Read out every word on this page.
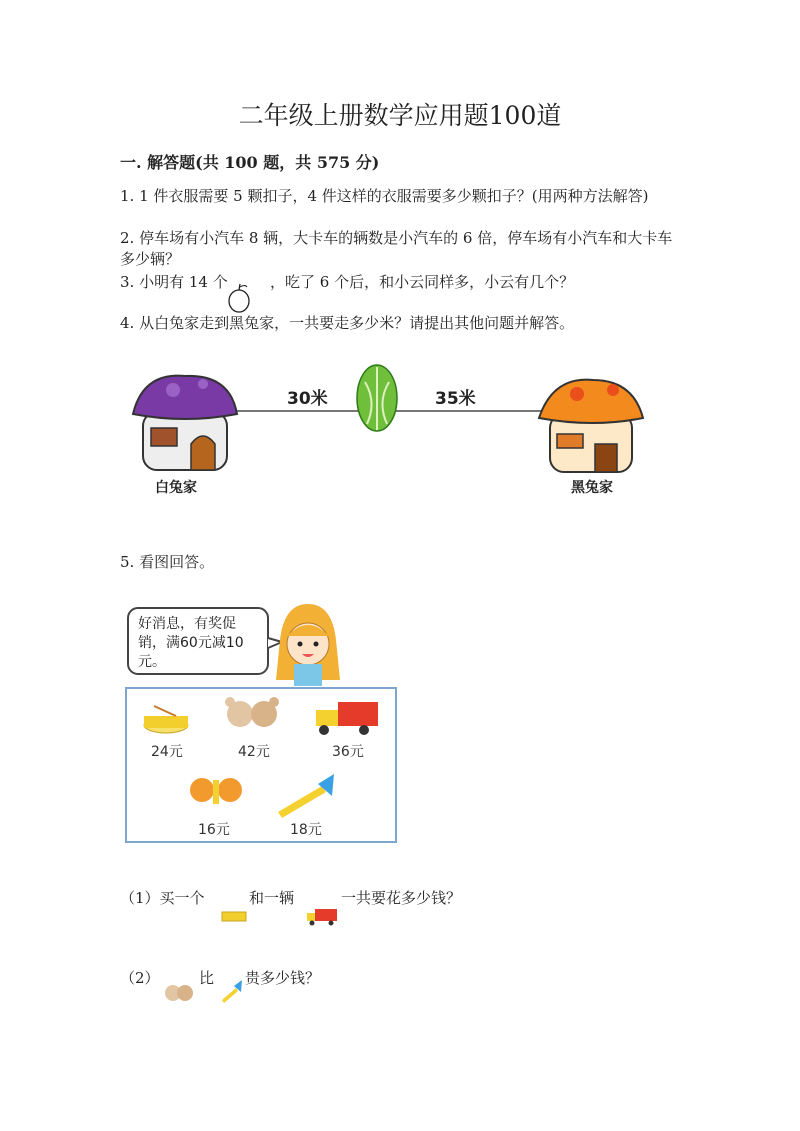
二年级上册数学应用题100道
一. 解答题(共 100 题，共 575 分)
1. 1 件衣服需要 5 颗扣子，4 件这样的衣服需要多少颗扣子？(用两种方法解答)
2. 停车场有小汽车 8 辆，大卡车的辆数是小汽车的 6 倍，停车场有小汽车和大卡车多少辆？
3. 小明有 14 个	，吃了 6 个后，和小云同样多，小云有几个？
4. 从白兔家走到黑兔家，一共要走多少米？请提出其他问题并解答。
30米	35米
白兔家	黑兔家
5. 看图回答。
好消息，有奖促
销，满60元减10
元。
24元	42元	36元
16元	18元
（1）买一个	和一辆	一共要花多少钱？
（2）	比 贵多少钱？
